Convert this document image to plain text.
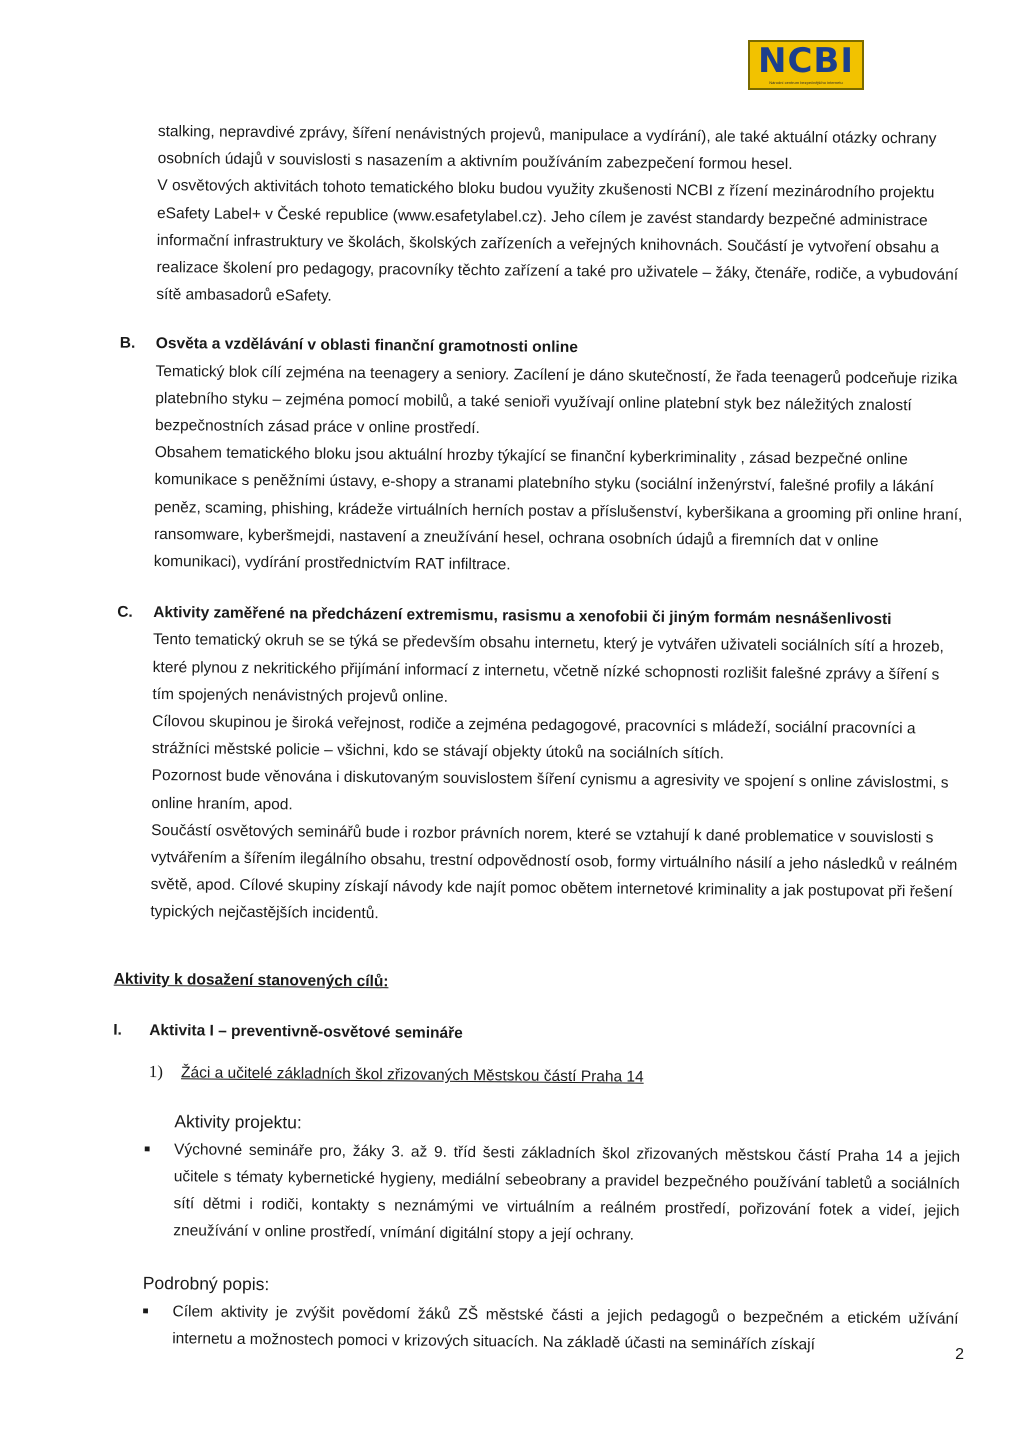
NCBI
Národní centrum bezpečnějšího internetu

stalking, nepravdivé zprávy, šíření nenávistných projevů, manipulace a vydírání), ale také aktuální otázky ochrany osobních údajů v souvislosti s nasazením a aktivním používáním zabezpečení formou hesel.

V osvětových aktivitách tohoto tematického bloku budou využity zkušenosti NCBI z řízení mezinárodního projektu eSafety Label+ v České republice (www.esafetylabel.cz). Jeho cílem je zavést standardy bezpečné administrace informační infrastruktury ve školách, školských zařízeních a veřejných knihovnách. Součástí je vytvoření obsahu a realizace školení pro pedagogy, pracovníky těchto zařízení a také pro uživatele – žáky, čtenáře, rodiče, a vybudování sítě ambasadorů eSafety.

B. Osvěta a vzdělávání v oblasti finanční gramotnosti online

Tematický blok cílí zejména na teenagery a seniory. Zacílení je dáno skutečností, že řada teenagerů podceňuje rizika platebního styku – zejména pomocí mobilů, a také senioři využívají online platební styk bez náležitých znalostí bezpečnostních zásad práce v online prostředí.

Obsahem tematického bloku jsou aktuální hrozby týkající se finanční kyberkriminality , zásad bezpečné online komunikace s peněžními ústavy, e-shopy a stranami platebního styku (sociální inženýrství, falešné profily a lákání peněz, scaming, phishing, krádeže virtuálních herních postav a příslušenství, kyberšikana a grooming při online hraní, ransomware, kyberšmejdi, nastavení a zneužívání hesel, ochrana osobních údajů a firemních dat v online komunikaci), vydírání prostřednictvím RAT infiltrace.

C. Aktivity zaměřené na předcházení extremismu, rasismu a xenofobii či jiným formám nesnášenlivosti

Tento tematický okruh se se týká se především obsahu internetu, který je vytvářen uživateli sociálních sítí a hrozeb, které plynou z nekritického přijímání informací z internetu, včetně nízké schopnosti rozlišit falešné zprávy a šíření s tím spojených nenávistných projevů online.

Cílovou skupinou je široká veřejnost, rodiče a zejména pedagogové, pracovníci s mládeží, sociální pracovníci a strážníci městské policie – všichni, kdo se stávají objekty útoků na sociálních sítích.

Pozornost bude věnována i diskutovaným souvislostem šíření cynismu a agresivity ve spojení s online závislostmi, s online hraním, apod.

Součástí osvětových seminářů bude i rozbor právních norem, které se vztahují k dané problematice v souvislosti s vytvářením a šířením ilegálního obsahu, trestní odpovědností osob, formy virtuálního násilí a jeho následků v reálném světě, apod. Cílové skupiny získají návody kde najít pomoc obětem internetové kriminality a jak postupovat při řešení typických nejčastějších incidentů.

Aktivity k dosažení stanovených cílů:

I. Aktivita I – preventivně-osvětové semináře

1) Žáci a učitelé základních škol zřizovaných Městskou částí Praha 14

Aktivity projektu:

■ Výchovné semináře pro, žáky 3. až 9. tříd šesti základních škol zřizovaných městskou částí Praha 14 a jejich učitele s tématy kybernetické hygieny, mediální sebeobrany a pravidel bezpečného používání tabletů a sociálních sítí dětmi i rodiči, kontakty s neznámými ve virtuálním a reálném prostředí, pořizování fotek a videí, jejich zneužívání v online prostředí, vnímání digitální stopy a její ochrany.

Podrobný popis:

■ Cílem aktivity je zvýšit povědomí žáků ZŠ městské části a jejich pedagogů o bezpečném a etickém užívání internetu a možnostech pomoci v krizových situacích. Na základě účasti na seminářích získají

2
